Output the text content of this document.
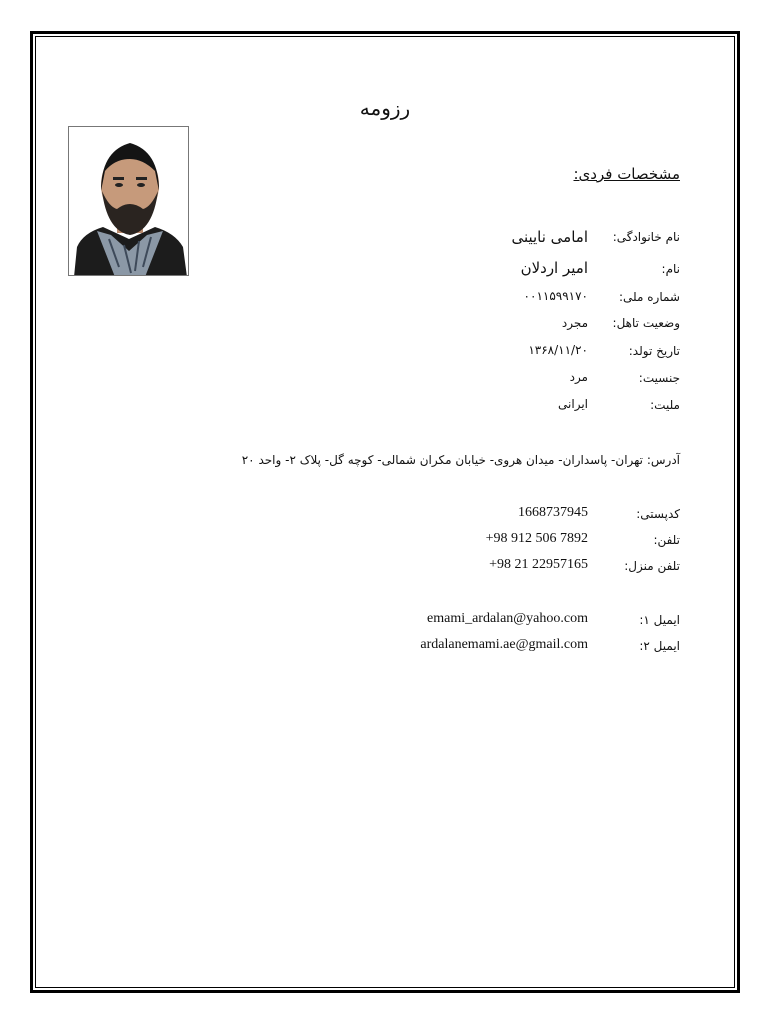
رزومه
مشخصات فردی:
نام خانوادگی:
امامی نایینی
نام:
امیر اردلان
شماره ملی:
۰۰۱۱۵۹۹۱۷۰
وضعیت تاهل:
مجرد
تاریخ تولد:
۱۳۶۸/۱۱/۲۰
جنسیت:
مرد
ملیت:
ایرانی
آدرس: تهران- پاسداران- میدان هروی- خیابان مکران شمالی- کوچه گل- پلاک ۲- واحد ۲۰
کدپستی:
1668737945
تلفن:
+98 912 506 7892
تلفن منزل:
+98 21 22957165
ایمیل ۱:
emami_ardalan@yahoo.com
ایمیل ۲:
ardalanemami.ae@gmail.com
